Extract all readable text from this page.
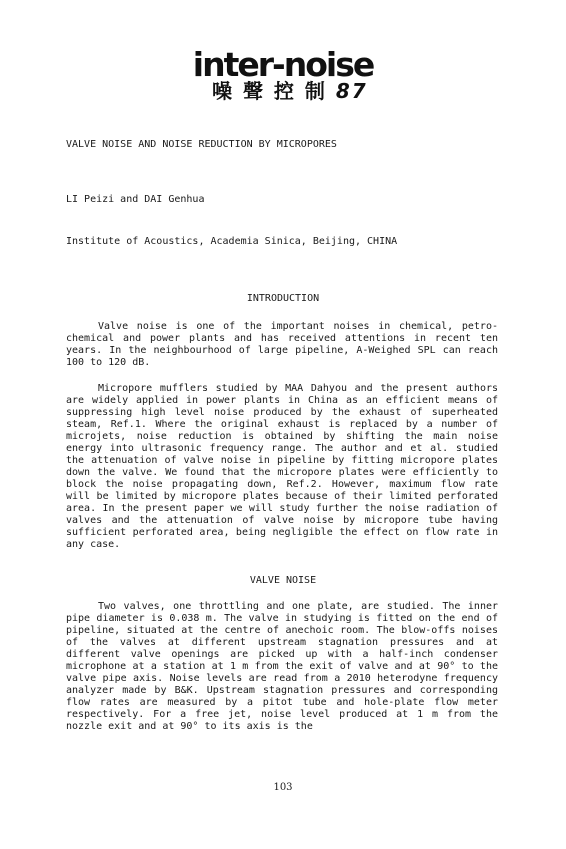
inter-noise
噪 聲 控 制 87
VALVE NOISE AND NOISE REDUCTION BY MICROPORES
LI Peizi and DAI Genhua
Institute of Acoustics, Academia Sinica, Beijing, CHINA
INTRODUCTION
Valve noise is one of the important noises in chemical, petro-chemical and power plants and has received attentions in recent ten years. In the neighbourhood of large pipeline, A-Weighed SPL can reach 100 to 120 dB.
Micropore mufflers studied by MAA Dahyou and the present authors are widely applied in power plants in China as an efficient means of suppressing high level noise produced by the exhaust of superheated steam, Ref.1. Where the original exhaust is replaced by a number of microjets, noise reduction is obtained by shifting the main noise energy into ultrasonic frequency range. The author and et al. studied the attenuation of valve noise in pipeline by fitting micropore plates down the valve. We found that the micropore plates were efficiently to block the noise propagating down, Ref.2. However, maximum flow rate will be limited by micropore plates because of their limited perforated area. In the present paper we will study further the noise radiation of valves and the attenuation of valve noise by micropore tube having sufficient perforated area, being negligible the effect on flow rate in any case.
VALVE NOISE
Two valves, one throttling and one plate, are studied. The inner pipe diameter is 0.038 m. The valve in studying is fitted on the end of pipeline, situated at the centre of anechoic room. The blow-offs noises of the valves at different upstream stagnation pressures and at different valve openings are picked up with a half-inch condenser microphone at a station at 1 m from the exit of valve and at 90° to the valve pipe axis. Noise levels are read from a 2010 heterodyne frequency analyzer made by B&K. Upstream stagnation pressures and corresponding flow rates are measured by a pitot tube and hole-plate flow meter respectively. For a free jet, noise level produced at 1 m from the nozzle exit and at 90° to its axis is the
103
